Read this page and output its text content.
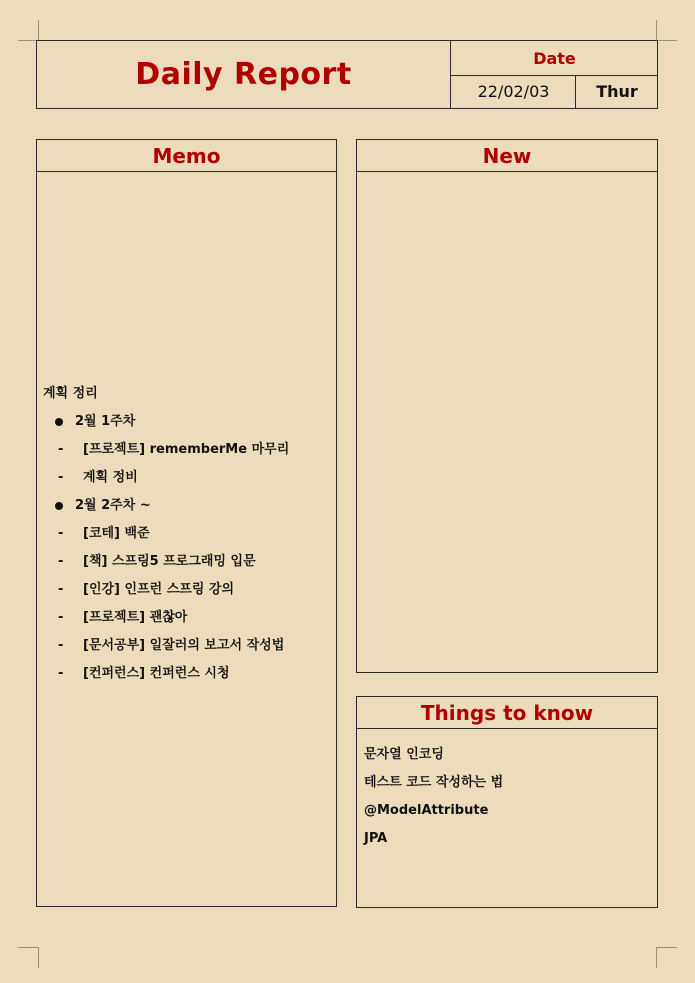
Daily Report	Date
22/02/03	Thur
Memo
계획 정리
2월 1주차
- [프로젝트] rememberMe 마무리
- 계획 정비
2월 2주차 ~
- [코테] 백준
- [책] 스프링5 프로그래밍 입문
- [인강] 인프런 스프링 강의
- [프로젝트] 괜찮아
- [문서공부] 일잘러의 보고서 작성법
- [컨퍼런스] 컨퍼런스 시청
New
Things to know
문자열 인코딩
테스트 코드 작성하는 법
@ModelAttribute
JPA
